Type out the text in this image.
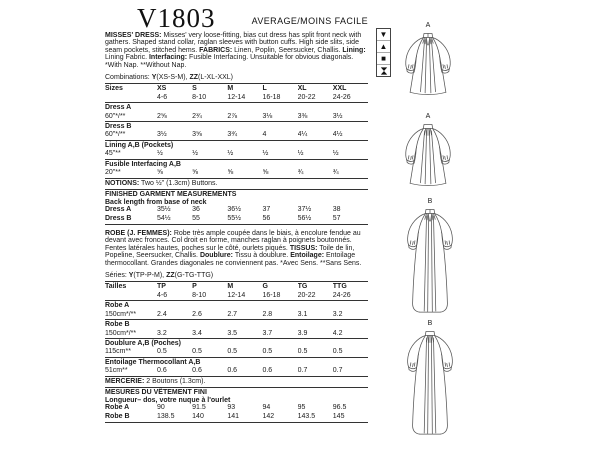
V1803	AVERAGE/MOINS FACILE

MISSES' DRESS: Misses' very loose-fitting, bias cut dress has split front neck with gathers. Shaped stand collar, raglan sleeves with button cuffs. High side slits, side seam pockets, stitched hems. FABRICS: Linen, Poplin, Seersucker, Challis. Lining: Lining Fabric. Interfacing: Fusible Interfacing. Unsuitable for obvious diagonals. *With Nap. **Without Nap.

Combinations: Y(XS-S-M), ZZ(L-XL-XXL)
Sizes	XS	S	M	L	XL	XXL
	4-6	8-10	12-14	16-18	20-22	24-26
Dress A						
60"*/**	2⅝	2¾	2⅞	3⅛	3⅜	3½
Dress B						
60"*/**	3½	3⅝	3¾	4	4¼	4½
Lining A,B (Pockets)						
45"**	½	½	½	½	½	½
Fusible Interfacing A,B						
20"**	⅝	⅝	⅝	⅝	¾	¾
NOTIONS: Two ½" (1.3cm) Buttons.
FINISHED GARMENT MEASUREMENTS
Back length from base of neck
Dress A	35½	36	36½	37	37½	38
Dress B	54½	55	55½	56	56½	57

ROBE (J. FEMMES): Robe très ample coupée dans le biais, à encolure fendue au devant avec fronces. Col droit en forme, manches raglan à poignets boutonnés. Fentes latérales hautes, poches sur le côté, ourlets piqués. TISSUS: Toile de lin, Popeline, Seersucker, Challis. Doublure: Tissu à doublure. Entoilage: Entoilage thermocollant. Grandes diagonales ne conviennent pas. *Avec Sens. **Sans Sens.

Séries: Y(TP-P-M), ZZ(G-TG-TTG)
Tailles	TP	P	M	G	TG	TTG
	4-6	8-10	12-14	16-18	20-22	24-26
Robe A						
150cm*/**	2.4	2.6	2.7	2.8	3.1	3.2
Robe B						
150cm*/**	3.2	3.4	3.5	3.7	3.9	4.2
Doublure A,B (Poches)						
115cm**	0.5	0.5	0.5	0.5	0.5	0.5
Entoilage Thermocollant A,B						
51cm**	0.6	0.6	0.6	0.6	0.7	0.7
MERCERIE: 2 Boutons (1.3cm).
MESURES DU VÊTEMENT FINI
Longueur– dos, votre nuque à l'ourlet
Robe A	90	91.5	93	94	95	96.5
Robe B	138.5	140	141	142	143.5	145
▼
▲
■
A
A
B
B
